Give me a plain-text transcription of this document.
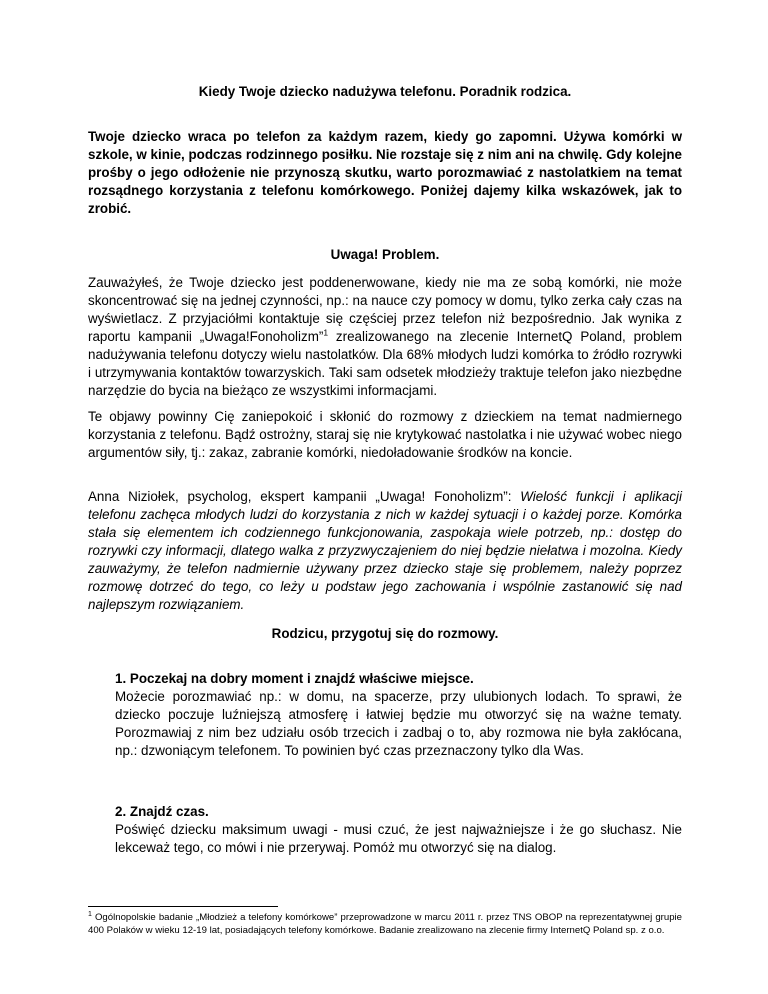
Kiedy Twoje dziecko nadużywa telefonu. Poradnik rodzica.
Twoje dziecko wraca po telefon za każdym razem, kiedy go zapomni. Używa komórki w szkole, w kinie, podczas rodzinnego posiłku. Nie rozstaje się z nim ani na chwilę. Gdy kolejne prośby o jego odłożenie nie przynoszą skutku, warto porozmawiać z nastolatkiem na temat rozsądnego korzystania z telefonu komórkowego. Poniżej dajemy kilka wskazówek, jak to zrobić.
Uwaga! Problem.
Zauważyłeś, że Twoje dziecko jest poddenerwowane, kiedy nie ma ze sobą komórki, nie może skoncentrować się na jednej czynności, np.: na nauce czy pomocy w domu, tylko zerka cały czas na wyświetlacz. Z przyjaciółmi kontaktuje się częściej przez telefon niż bezpośrednio. Jak wynika z raportu kampanii „Uwaga!Fonoholizm”$^1$ zrealizowanego na zlecenie InternetQ Poland, problem nadużywania telefonu dotyczy wielu nastolatków. Dla 68% młodych ludzi komórka to źródło rozrywki i utrzymywania kontaktów towarzyskich. Taki sam odsetek młodzieży traktuje telefon jako niezbędne narzędzie do bycia na bieżąco ze wszystkimi informacjami.
Te objawy powinny Cię zaniepokoić i skłonić do rozmowy z dzieckiem na temat nadmiernego korzystania z telefonu. Bądź ostrożny, staraj się nie krytykować nastolatka i nie używać wobec niego argumentów siły, tj.: zakaz, zabranie komórki, niedoładowanie środków na koncie.
Anna Niziołek, psycholog, ekspert kampanii „Uwaga! Fonoholizm”: Wielość funkcji i aplikacji telefonu zachęca młodych ludzi do korzystania z nich w każdej sytuacji i o każdej porze. Komórka stała się elementem ich codziennego funkcjonowania, zaspokaja wiele potrzeb, np.: dostęp do rozrywki czy informacji, dlatego walka z przyzwyczajeniem do niej będzie niełatwa i mozolna. Kiedy zauważymy, że telefon nadmiernie używany przez dziecko staje się problemem, należy poprzez rozmowę dotrzeć do tego, co leży u podstaw jego zachowania i wspólnie zastanowić się nad najlepszym rozwiązaniem.
Rodzicu, przygotuj się do rozmowy.
1. Poczekaj na dobry moment i znajdź właściwe miejsce.
Możecie porozmawiać np.: w domu, na spacerze, przy ulubionych lodach. To sprawi, że dziecko poczuje luźniejszą atmosferę i łatwiej będzie mu otworzyć się na ważne tematy. Porozmawiaj z nim bez udziału osób trzecich i zadbaj o to, aby rozmowa nie była zakłócana, np.: dzwoniącym telefonem. To powinien być czas przeznaczony tylko dla Was.
2. Znajdź czas.
Poświęć dziecku maksimum uwagi - musi czuć, że jest najważniejsze i że go słuchasz. Nie lekceważ tego, co mówi i nie przerywaj. Pomóż mu otworzyć się na dialog.
$^1$ Ogólnopolskie badanie „Młodzież a telefony komórkowe” przeprowadzone w marcu 2011 r. przez TNS OBOP na reprezentatywnej grupie 400 Polaków w wieku 12-19 lat, posiadających telefony komórkowe. Badanie zrealizowano na zlecenie firmy InternetQ Poland sp. z o.o.
